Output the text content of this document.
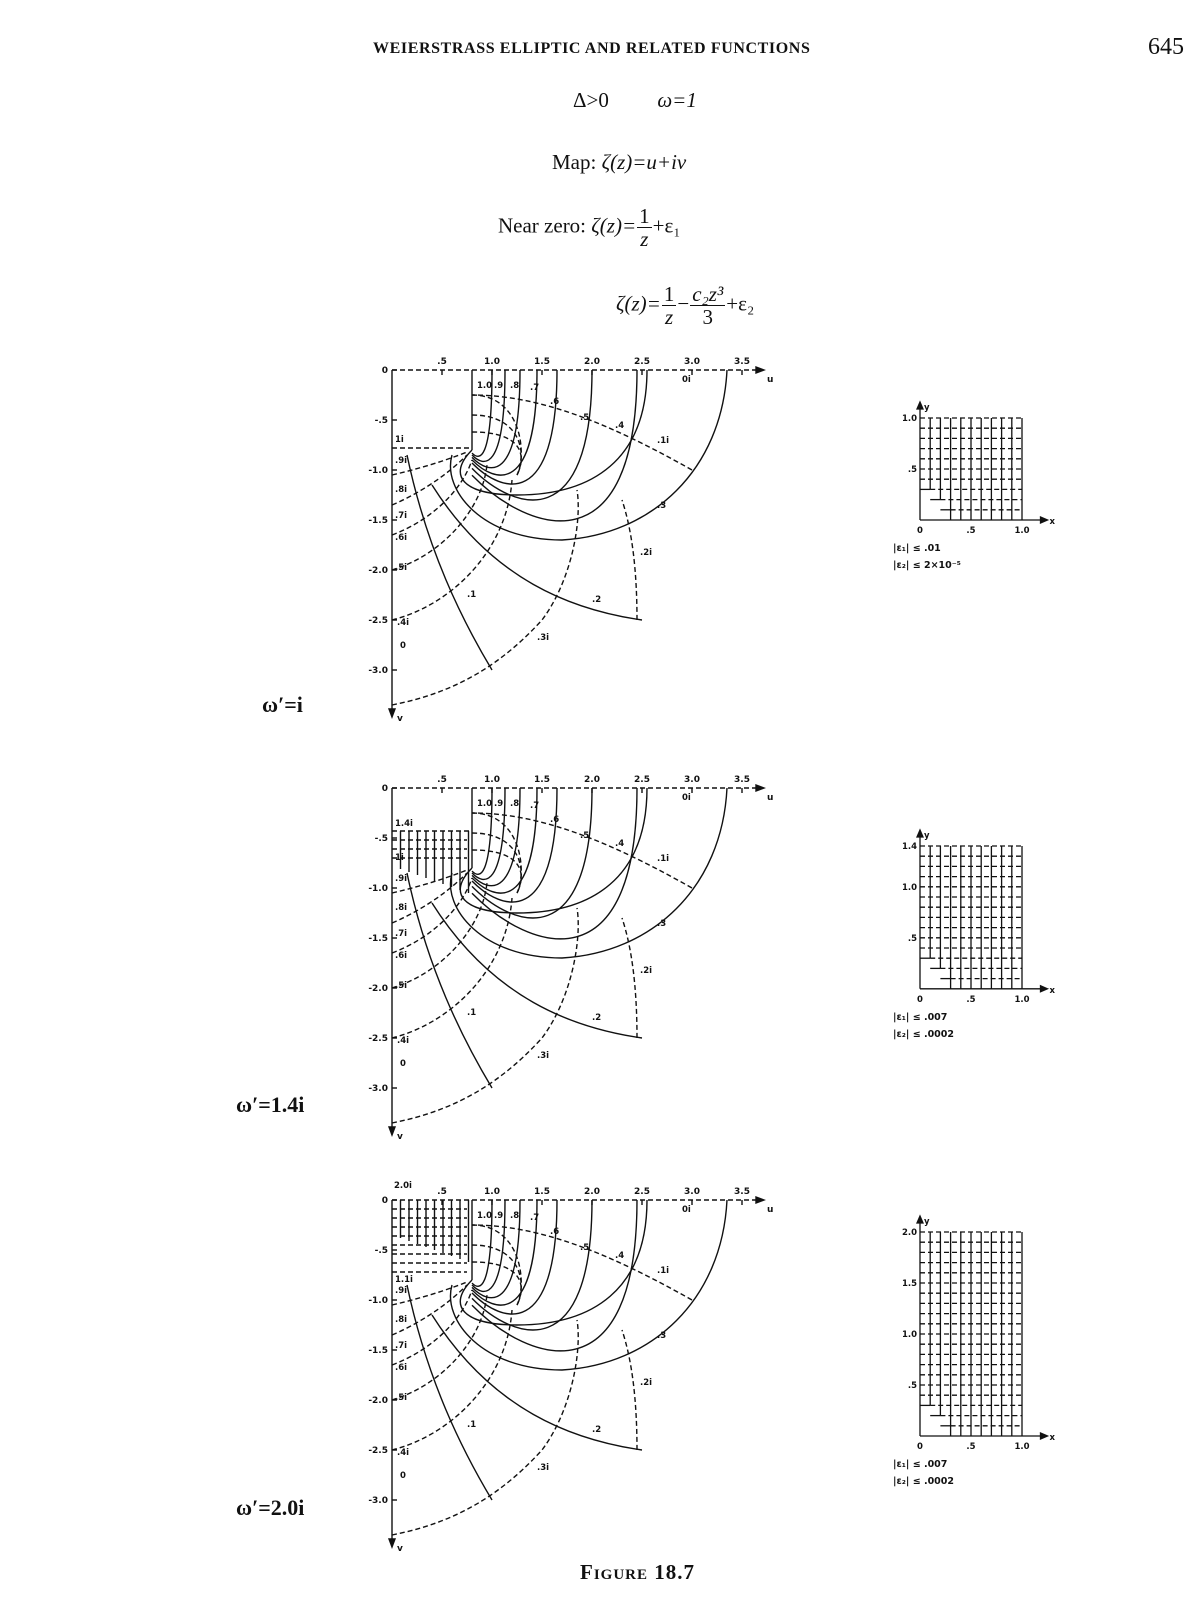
WEIERSTRASS ELLIPTIC AND RELATED FUNCTIONS	645
Δ>0 ω=1
Map: ζ(z)=u+iv
Near zero: $\zeta(z)= \frac{1}{z} +\varepsilon_1$
$\zeta(z)= \frac{1}{z} - \frac{\text{c₂z³}}{3} +\varepsilon_2$
.5	1.0	1.5	2.0	2.5	3.0	3.5
0
-.5
-1.0
-1.5
-2.0
-2.5
-3.0
u
v
1.0 .9 .8 .7
.6
.5
.4
.3
.2
.1
0
0i
.1i
1i
.9i
.8i
.7i
.6i
.5i
.4i
.3i
.2i
ω′=i
0	.5	1.0
.5
1.0
x
y
|ε₁| ≤ .01
|ε₂| ≤ 2×10⁻⁵
.5	1.0	1.5	2.0	2.5	3.0	3.5
0
-.5
-1.0
-1.5
-2.0
-2.5
-3.0
u
v
1.0 .9 .8 .7
.6
.5
.4
.3
.2
.1
0
0i
.1i
1.4i
1i
.9i
.8i
.7i
.6i
.5i
.4i
.3i
.2i
ω′=1.4i
0	.5	1.0
.5
1.0
1.4
x
y
|ε₁| ≤ .007
|ε₂| ≤ .0002
.5	1.0	1.5	2.0	2.5	3.0	3.5
0
-.5
-1.0
-1.5
-2.0
-2.5
-3.0
u
v
1.0 .9 .8 .7
.6
.5
.4
.3
.2
.1
0
0i
.1i
2.0i
1.1i
.9i
.8i
.7i
.6i
.5i
.4i
.3i
.2i
ω′=2.0i
0	.5	1.0
.5
1.0
1.5
2.0
x
y
|ε₁| ≤ .007
|ε₂| ≤ .0002
Figure 18.7
